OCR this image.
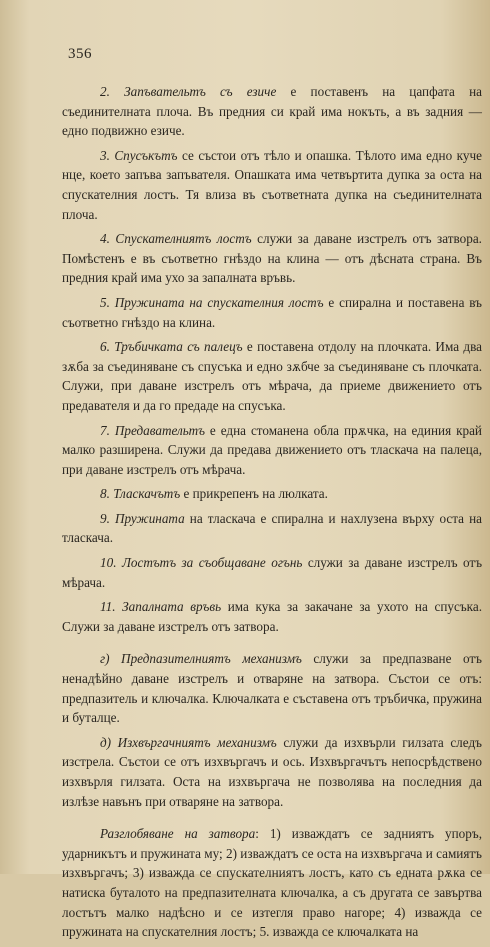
356

2. Запъвательтъ съ езиче е поставенъ на цапфата на съединителната плоча. Въ предния си край има нокъть, а въ задния — едно подвижно езиче.

3. Спусъкътъ се състои отъ тѣло и опашка. Тѣлото има едно куче нце, което запъва запъвателя. Опашката има четвъртита дупка за оста на спускателния лостъ. Тя влиза въ съответната дупка на съединителната плоча.

4. Спускателниятъ лостъ служи за даване изстрелъ отъ затвора. Помѣстенъ е въ съответно гнѣздо на клина — отъ дѣсната страна. Въ предния край има ухо за запалната връвь.

5. Пружината на спускателния лостъ е спирална и поставена въ съответно гнѣздо на клина.

6. Тръбичката съ палецъ е поставена отдолу на плочката. Има два зѫба за съединяване съ спусъка и едно зѫбче за съединяване съ плочката. Служи, при даване изстрелъ отъ мѣрача, да приеме движението отъ предавателя и да го предаде на спусъка.

7. Предавательтъ е една стоманена обла прѫчка, на единия край малко разширена. Служи да предава движението отъ тласкача на палеца, при даване изстрелъ отъ мѣрача.

8. Тласкачътъ е прикрепенъ на люлката.

9. Пружината на тласкача е спирална и нахлузена върху оста на тласкача.

10. Лостътъ за съобщаване огънь служи за даване изстрелъ отъ мѣрача.

11. Запалната връвь има кука за закачане за ухото на спусъка. Служи за даване изстрелъ отъ затвора.

г) Предпазителниятъ механизмъ служи за предпазване отъ ненадѣйно даване изстрелъ и отваряне на затвора. Състои се отъ: предпазитель и ключалка. Ключалката е съставена отъ тръбичка, пружина и буталце.

д) Изхвъргачниятъ механизмъ служи да изхвърли гилзата следъ изстрела. Състои се отъ изхвъргачъ и ось. Изхвъргачътъ непосрѣдствено изхвърля гилзата. Оста на изхвъргача не позволява на последния да излѣзе навънъ при отваряне на затвора.

Разглобяване на затвора: 1) изваждатъ се задниятъ упоръ, ударникътъ и пружината му; 2) изваждатъ се оста на изхвъргача и самиятъ изхвъргачъ; 3) изважда се спускателниятъ лостъ, като съ едната рѫка се натиска буталото на предпазителната ключалка, а съ другата се завъртва лостътъ малко надѣсно и се изтегля право нагоре; 4) изважда се пружината на спускателния лостъ; 5. изважда се ключалката на
